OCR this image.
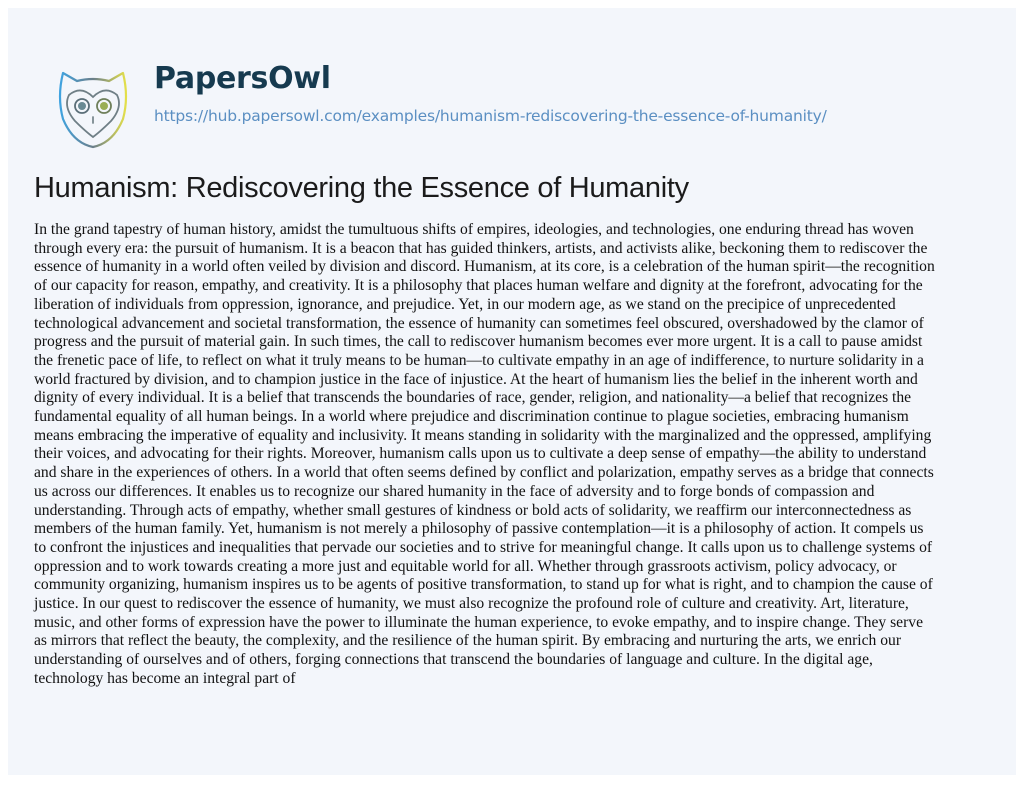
PapersOwl
https://hub.papersowl.com/examples/humanism-rediscovering-the-essence-of-humanity/
Humanism: Rediscovering the Essence of Humanity

In the grand tapestry of human history, amidst the tumultuous shifts of empires, ideologies, and technologies, one enduring thread has woven
through every era: the pursuit of humanism. It is a beacon that has guided thinkers, artists, and activists alike, beckoning them to rediscover the
essence of humanity in a world often veiled by division and discord. Humanism, at its core, is a celebration of the human spirit—the recognition
of our capacity for reason, empathy, and creativity. It is a philosophy that places human welfare and dignity at the forefront, advocating for the
liberation of individuals from oppression, ignorance, and prejudice. Yet, in our modern age, as we stand on the precipice of unprecedented
technological advancement and societal transformation, the essence of humanity can sometimes feel obscured, overshadowed by the clamor of
progress and the pursuit of material gain. In such times, the call to rediscover humanism becomes ever more urgent. It is a call to pause amidst
the frenetic pace of life, to reflect on what it truly means to be human—to cultivate empathy in an age of indifference, to nurture solidarity in a
world fractured by division, and to champion justice in the face of injustice. At the heart of humanism lies the belief in the inherent worth and
dignity of every individual. It is a belief that transcends the boundaries of race, gender, religion, and nationality—a belief that recognizes the
fundamental equality of all human beings. In a world where prejudice and discrimination continue to plague societies, embracing humanism
means embracing the imperative of equality and inclusivity. It means standing in solidarity with the marginalized and the oppressed, amplifying
their voices, and advocating for their rights. Moreover, humanism calls upon us to cultivate a deep sense of empathy—the ability to understand
and share in the experiences of others. In a world that often seems defined by conflict and polarization, empathy serves as a bridge that connects
us across our differences. It enables us to recognize our shared humanity in the face of adversity and to forge bonds of compassion and
understanding. Through acts of empathy, whether small gestures of kindness or bold acts of solidarity, we reaffirm our interconnectedness as
members of the human family. Yet, humanism is not merely a philosophy of passive contemplation—it is a philosophy of action. It compels us
to confront the injustices and inequalities that pervade our societies and to strive for meaningful change. It calls upon us to challenge systems of
oppression and to work towards creating a more just and equitable world for all. Whether through grassroots activism, policy advocacy, or
community organizing, humanism inspires us to be agents of positive transformation, to stand up for what is right, and to champion the cause of
justice. In our quest to rediscover the essence of humanity, we must also recognize the profound role of culture and creativity. Art, literature,
music, and other forms of expression have the power to illuminate the human experience, to evoke empathy, and to inspire change. They serve
as mirrors that reflect the beauty, the complexity, and the resilience of the human spirit. By embracing and nurturing the arts, we enrich our
understanding of ourselves and of others, forging connections that transcend the boundaries of language and culture. In the digital age,
technology has become an integral part of
